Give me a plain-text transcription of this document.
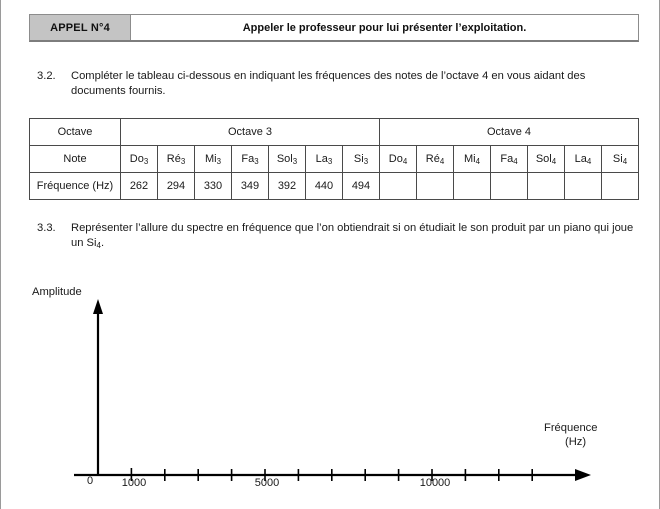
APPEL N°4	Appeler le professeur pour lui présenter l’exploitation.
3.2.	Compléter le tableau ci-dessous en indiquant les fréquences des notes de l’octave 4 en vous aidant des documents fournis.
Octave	Octave 3							Octave 4						
Note	$Do_3$	$Ré_3$	$Mi_3$	$Fa_3$	Sol$_3$	$La_3$	$Si_3$	$Do_4$	$Ré_4$	$Mi_4$	$Fa_4$	Sol$_4$	$La_4$	$Si_4$
Fréquence (Hz)	262	294	330	349	392	440	494							
3.3.	Représenter l’allure du spectre en fréquence que l’on obtiendrait si on étudiait le son produit par un piano qui joue un $Si_4$.
Amplitude
Fréquence
(Hz)
0	1000	5000	10000
